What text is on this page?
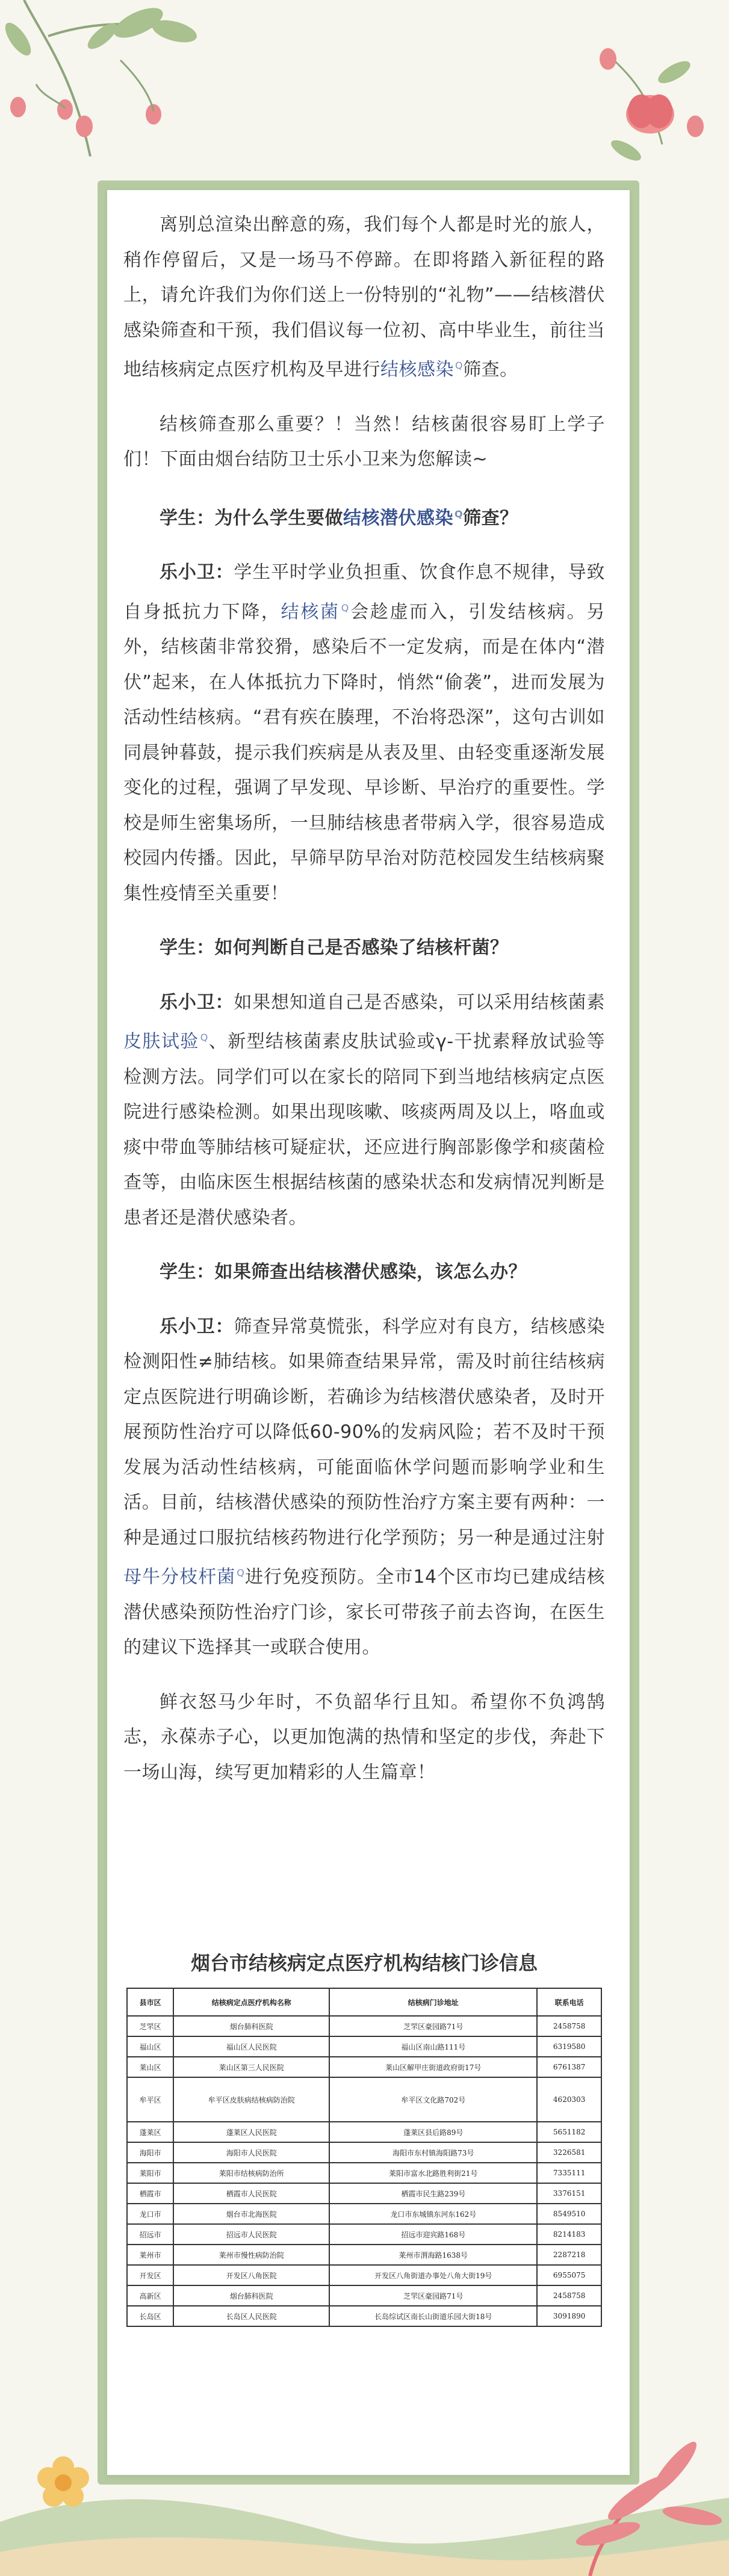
离别总渲染出醉意的殇，我们每个人都是时光的旅人，稍作停留后，又是一场马不停蹄。在即将踏入新征程的路上，请允许我们为你们送上一份特别的“礼物”——结核潜伏感染筛查和干预，我们倡议每一位初、高中毕业生，前往当地结核病定点医疗机构及早进行结核感染 $^Q$筛查。

结核筛查那么重要？！当然！结核菌很容易盯上学子们！下面由烟台结防卫士乐小卫来为您解读~

学生：为什么学生要做结核潜伏感染 $^Q$筛查？

乐小卫：学生平时学业负担重、饮食作息不规律，导致自身抵抗力下降，结核菌 $^Q$会趁虚而入，引发结核病。另外，结核菌非常狡猾，感染后不一定发病，而是在体内“潜伏”起来，在人体抵抗力下降时，悄然“偷袭”，进而发展为活动性结核病。“君有疾在腠理，不治将恐深”，这句古训如同晨钟暮鼓，提示我们疾病是从表及里、由轻变重逐渐发展变化的过程，强调了早发现、早诊断、早治疗的重要性。学校是师生密集场所，一旦肺结核患者带病入学，很容易造成校园内传播。因此，早筛早防早治对防范校园发生结核病聚集性疫情至关重要！

学生：如何判断自己是否感染了结核杆菌？

乐小卫：如果想知道自己是否感染，可以采用结核菌素皮肤试验 $^Q$、新型结核菌素皮肤试验或γ-干扰素释放试验等检测方法。同学们可以在家长的陪同下到当地结核病定点医院进行感染检测。如果出现咳嗽、咳痰两周及以上，咯血或痰中带血等肺结核可疑症状，还应进行胸部影像学和痰菌检查等，由临床医生根据结核菌的感染状态和发病情况判断是患者还是潜伏感染者。

学生：如果筛查出结核潜伏感染，该怎么办？

乐小卫：筛查异常莫慌张，科学应对有良方，结核感染检测阳性≠肺结核。如果筛查结果异常，需及时前往结核病定点医院进行明确诊断，若确诊为结核潜伏感染者，及时开展预防性治疗可以降低60-90%的发病风险；若不及时干预发展为活动性结核病，可能面临休学问题而影响学业和生活。目前，结核潜伏感染的预防性治疗方案主要有两种：一种是通过口服抗结核药物进行化学预防；另一种是通过注射母牛分枝杆菌 $^Q$进行免疫预防。全市14个区市均已建成结核潜伏感染预防性治疗门诊，家长可带孩子前去咨询，在医生的建议下选择其一或联合使用。

鲜衣怒马少年时，不负韶华行且知。希望你不负鸿鹄志，永葆赤子心，以更加饱满的热情和坚定的步伐，奔赴下一场山海，续写更加精彩的人生篇章！

烟台市结核病定点医疗机构结核门诊信息
县市区	结核病定点医疗机构名称	结核病门诊地址	联系电话
芝罘区	烟台肺科医院	芝罘区豪园路71号	2458758
福山区	福山区人民医院	福山区南山路111号	6319580
莱山区	莱山区第三人民医院	莱山区解甲庄街道政府街17号	6761387
牟平区	牟平区皮肤病结核病防治院	牟平区文化路702号	4620303
蓬莱区	蓬莱区人民医院	蓬莱区县后路89号	5651182
海阳市	海阳市人民医院	海阳市东村镇海阳路73号	3226581
莱阳市	莱阳市结核病防治所	莱阳市富水北路胜利街21号	7335111
栖霞市	栖霞市人民医院	栖霞市民生路239号	3376151
龙口市	烟台市北海医院	龙口市东城镇东河东162号	8549510
招远市	招远市人民医院	招远市迎宾路168号	8214183
莱州市	莱州市慢性病防治院	莱州市渭海路1638号	2287218
开发区	开发区八角医院	开发区八角街道办事处八角大街19号	6955075
高新区	烟台肺科医院	芝罘区豪园路71号	2458758
长岛区	长岛区人民医院	长岛综试区南长山街道乐园大街18号	3091890
